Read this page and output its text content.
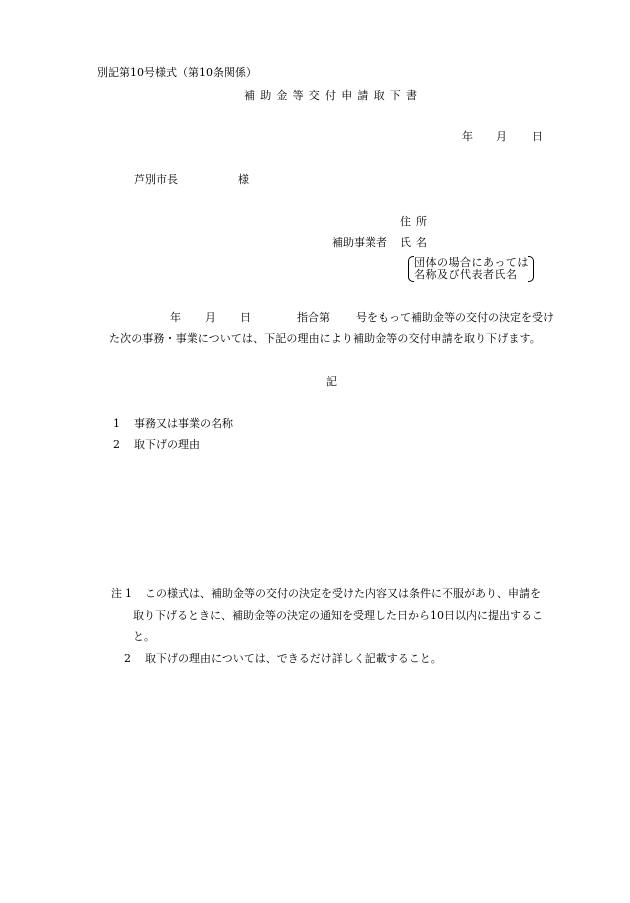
別記第10号様式（第10条関係）
補助金等交付申請取下書
年 月 日
芦別市長	様
住所
補助事業者 氏名
団体の場合にあっては
名称及び代表者氏名
年 月 日	指合第 号をもって補助金等の交付の決定を受け
た次の事務・事業については、下記の理由により補助金等の交付申請を取り下げます。
記
1 事務又は事業の名称
2 取下げの理由
注 1 この様式は、補助金等の交付の決定を受けた内容又は条件に不服があり、申請を
取り下げるときに、補助金等の決定の通知を受理した日から10日以内に提出するこ
と。
2 取下げの理由については、できるだけ詳しく記載すること。
